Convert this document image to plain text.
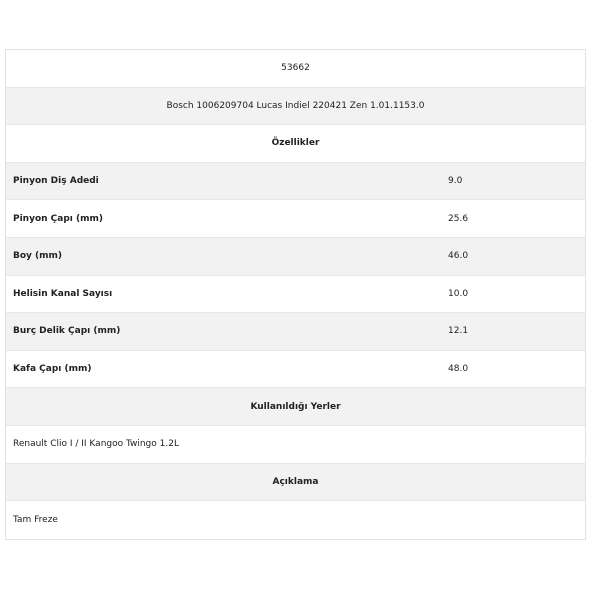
53662
Bosch 1006209704 Lucas Indiel 220421 Zen 1.01.1153.0
Özellikler
Pinyon Diş Adedi	9.0
Pinyon Çapı (mm)	25.6
Boy (mm)	46.0
Helisin Kanal Sayısı	10.0
Burç Delik Çapı (mm)	12.1
Kafa Çapı (mm)	48.0
Kullanıldığı Yerler
Renault Clio I / II Kangoo Twingo 1.2L
Açıklama
Tam Freze
